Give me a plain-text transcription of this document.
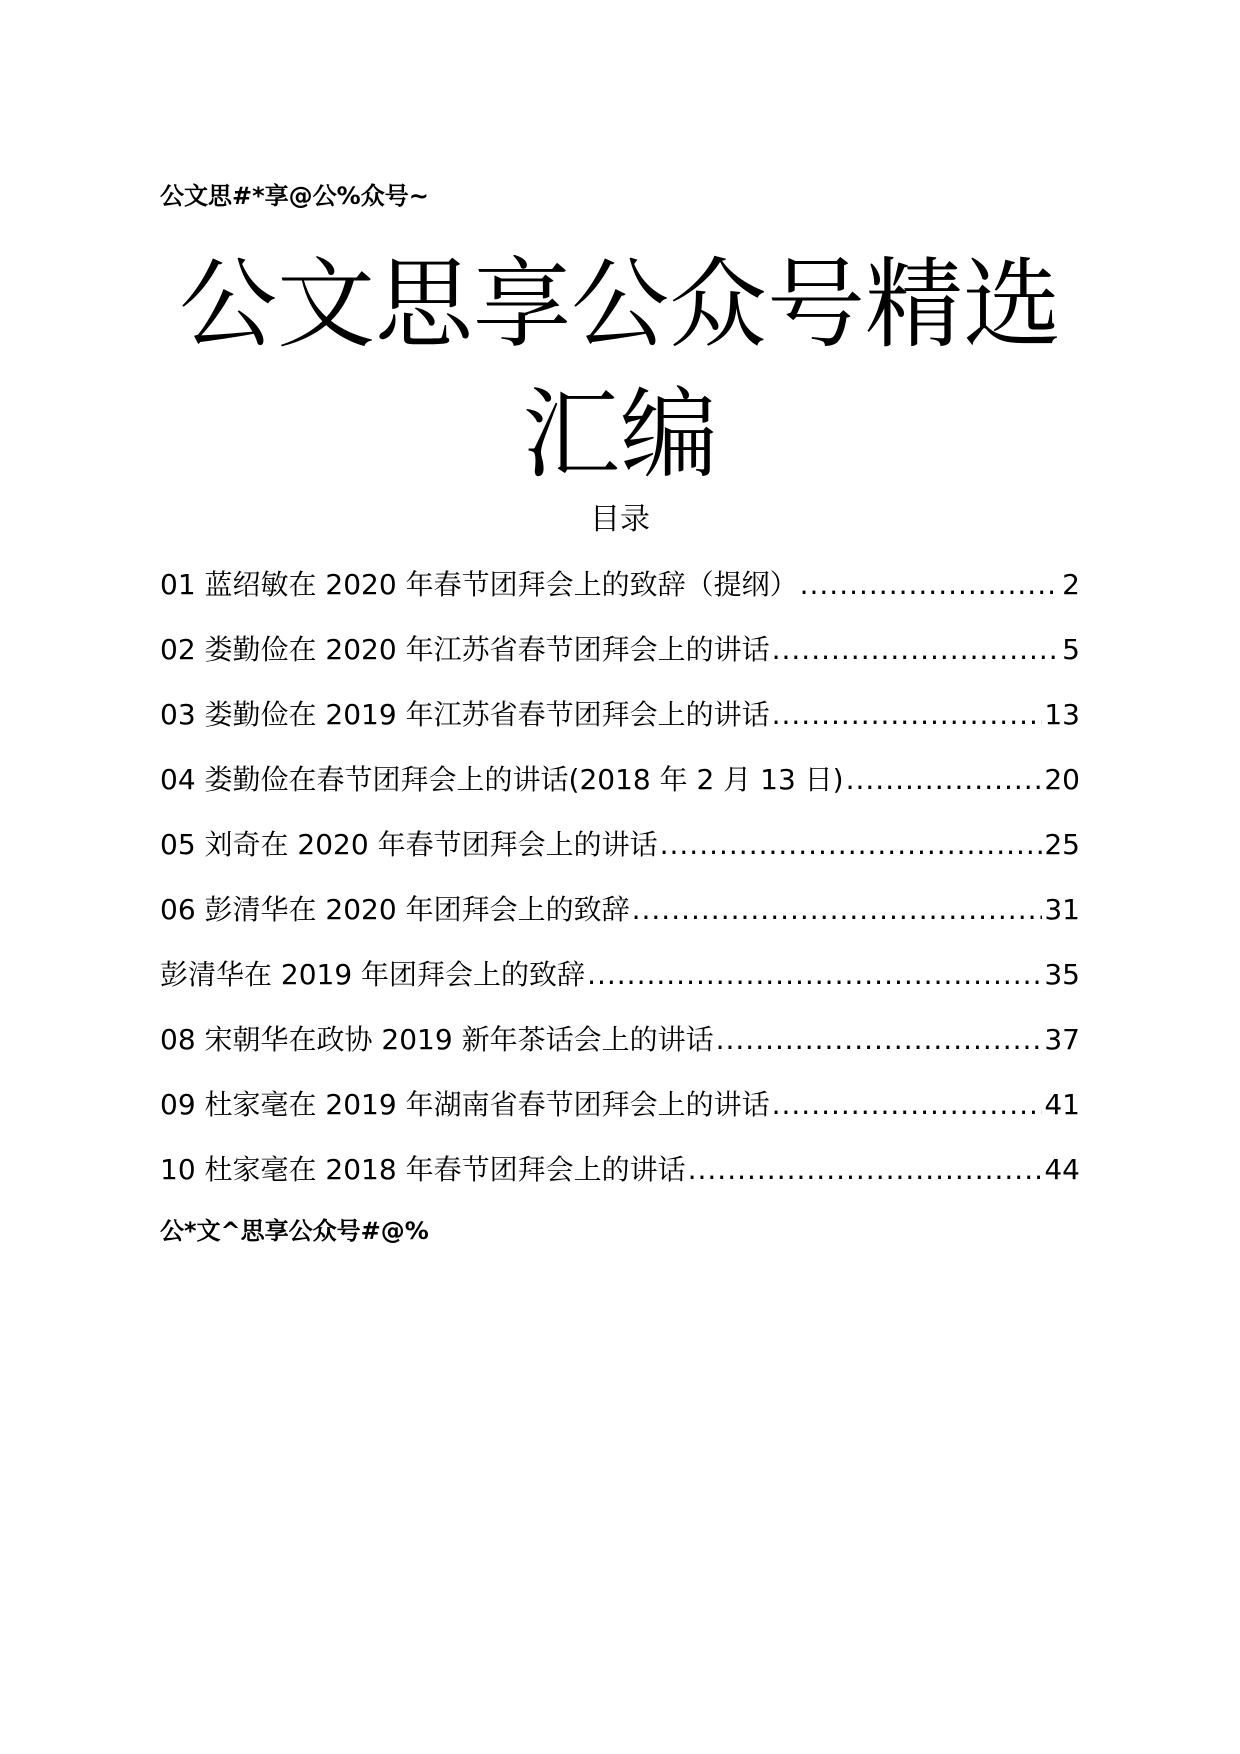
公文思#*享@公%众号~
公文思享公众号精选汇编
目录
01 蓝绍敏在 2020 年春节团拜会上的致辞（提纲） .....	2
02 娄勤俭在 2020 年江苏省春节团拜会上的讲话 .....	5
03 娄勤俭在 2019 年江苏省春节团拜会上的讲话 .....	13
04 娄勤俭在春节团拜会上的讲话(2018 年 2 月 13 日) .....	20
05 刘奇在 2020 年春节团拜会上的讲话 .....	25
06 彭清华在 2020 年团拜会上的致辞 .....	31
彭清华在 2019 年团拜会上的致辞 .....	35
08 宋朝华在政协 2019 新年茶话会上的讲话 .....	37
09 杜家毫在 2019 年湖南省春节团拜会上的讲话 .....	41
10 杜家毫在 2018 年春节团拜会上的讲话 .....	44
公*文^思享公众号#@%
